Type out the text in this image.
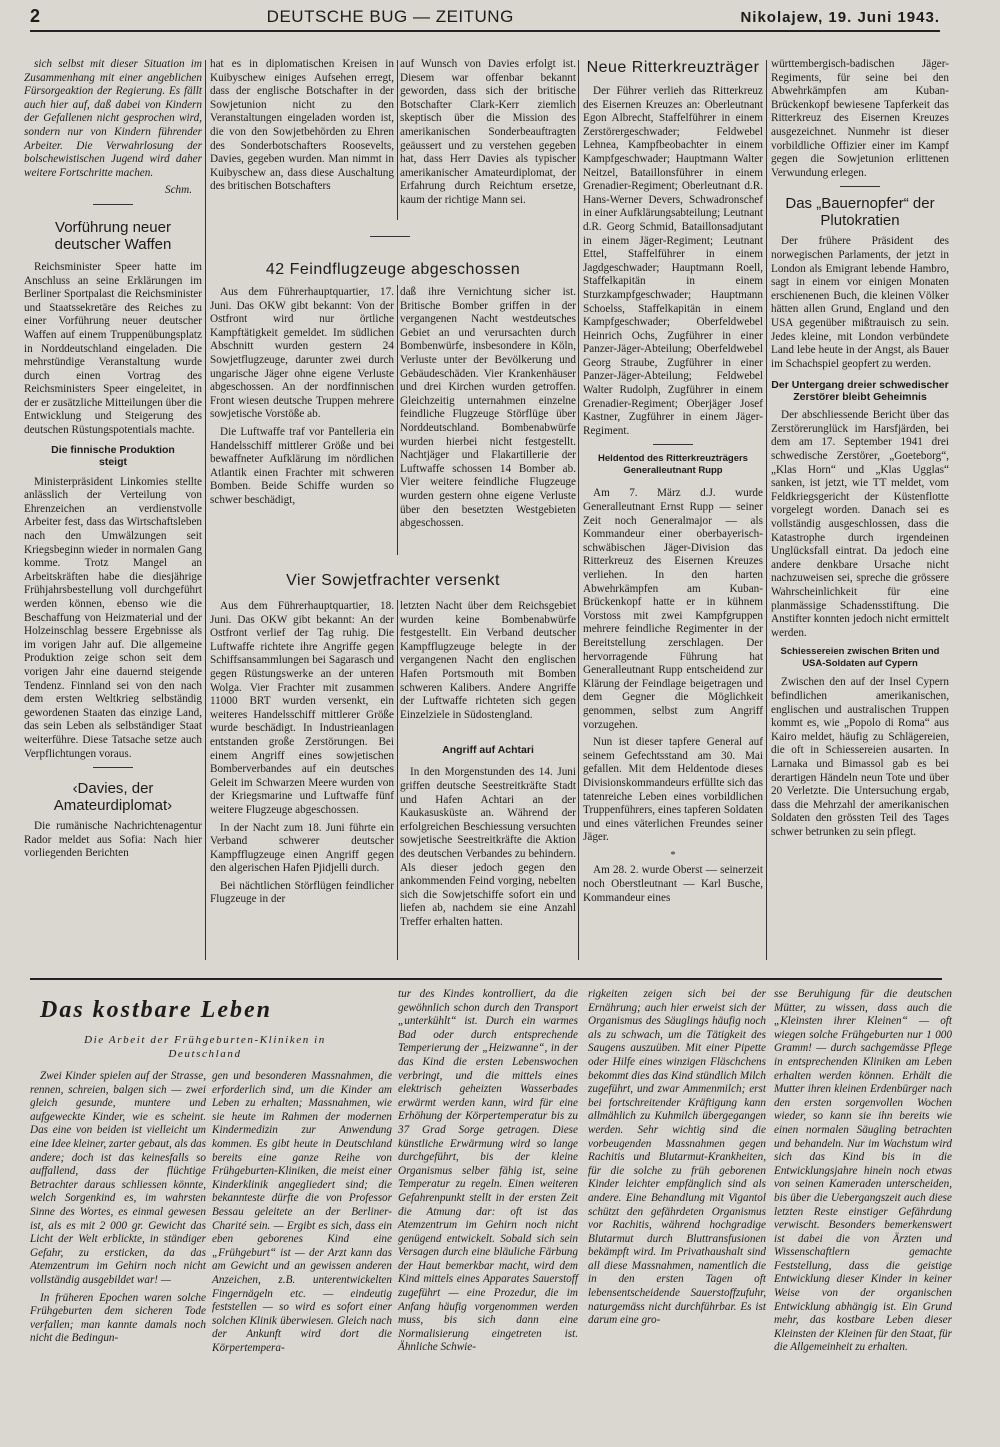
2	DEUTSCHE BUG — ZEITUNG	Nikolajew, 19. Juni 1943.

sich selbst mit dieser Situation im Zusammenhang mit einer angeblichen Fürsorgeaktion der Regierung. Es fällt auch hier auf, daß dabei von Kindern der Gefallenen nicht gesprochen wird, sondern nur von Kindern führender Arbeiter. Die Verwahrlosung der bolschewistischen Jugend wird daher weitere Fortschritte machen.

Schm.
Vorführung neuer deutscher Waffen

Reichsminister Speer hatte im Anschluss an seine Erklärungen im Berliner Sportpalast die Reichsminister und Staatssekretäre des Reiches zu einer Vorführung neuer deutscher Waffen auf einem Truppenübungsplatz in Norddeutschland eingeladen. Die mehrstündige Veranstaltung wurde durch einen Vortrag des Reichsministers Speer eingeleitet, in der er zusätzliche Mitteilungen über die Entwicklung und Steigerung des deutschen Rüstungspotentials machte.

Die finnische Produktion steigt

Ministerpräsident Linkomies stellte anlässlich der Verteilung von Ehrenzeichen an verdienstvolle Arbeiter fest, dass das Wirtschaftsleben nach den Umwälzungen seit Kriegsbeginn wieder in normalen Gang komme. Trotz Mangel an Arbeitskräften habe die diesjährige Frühjahrsbestellung voll durchgeführt werden können, ebenso wie die Beschaffung von Heizmaterial und der Holzeinschlag bessere Ergebnisse als im vorigen Jahr auf. Die allgemeine Produktion zeige schon seit dem vorigen Jahr eine dauernd steigende Tendenz. Finnland sei von den nach dem ersten Weltkrieg selbständig gewordenen Staaten das einzige Land, das sein Leben als selbständiger Staat weiterführe. Diese Tatsache setze auch Verpflichtungen voraus.

‹Davies, der Amateurdiplomat›

Die rumänische Nachrichtenagentur Rador meldet aus Sofia: Nach hier vorliegenden Berichten

hat es in diplomatischen Kreisen in Kuibyschew einiges Aufsehen erregt, dass der englische Botschafter in der Sowjetunion nicht zu den Veranstaltungen eingeladen worden ist, die von den Sowjetbehörden zu Ehren des Sonderbotschafters Roosevelts, Davies, gegeben wurden. Man nimmt in Kuibyschew an, dass diese Auschaltung des britischen Botschafters

auf Wunsch von Davies erfolgt ist. Diesem war offenbar bekannt geworden, dass sich der britische Botschafter Clark-Kerr ziemlich skeptisch über die Mission des amerikanischen Sonderbeauftragten geäussert und zu verstehen gegeben hat, dass Herr Davies als typischer amerikanischer Amateurdiplomat, der Erfahrung durch Reichtum ersetze, kaum der richtige Mann sei.

42 Feindflugzeuge abgeschossen

Aus dem Führerhauptquartier, 17. Juni. Das OKW gibt bekannt: Von der Ostfront wird nur örtliche Kampftätigkeit gemeldet. Im südlichen Abschnitt wurden gestern 24 Sowjetflugzeuge, darunter zwei durch ungarische Jäger ohne eigene Verluste abgeschossen. An der nordfinnischen Front wiesen deutsche Truppen mehrere sowjetische Vorstöße ab.

Die Luftwaffe traf vor Pantelleria ein Handelsschiff mittlerer Größe und bei bewaffneter Aufklärung im nördlichen Atlantik einen Frachter mit schweren Bomben. Beide Schiffe wurden so schwer beschädigt,

daß ihre Vernichtung sicher ist. Britische Bomber griffen in der vergangenen Nacht westdeutsches Gebiet an und verursachten durch Bombenwürfe, insbesondere in Köln, Verluste unter der Bevölkerung und Gebäudeschäden. Vier Krankenhäuser und drei Kirchen wurden getroffen. Gleichzeitig unternahmen einzelne feindliche Flugzeuge Störflüge über Norddeutschland. Bombenabwürfe wurden hierbei nicht festgestellt. Nachtjäger und Flakartillerie der Luftwaffe schossen 14 Bomber ab. Vier weitere feindliche Flugzeuge wurden gestern ohne eigene Verluste über den besetzten Westgebieten abgeschossen.

Vier Sowjetfrachter versenkt

Aus dem Führerhauptquartier, 18. Juni. Das OKW gibt bekannt: An der Ostfront verlief der Tag ruhig. Die Luftwaffe richtete ihre Angriffe gegen Schiffsansammlungen bei Sagarasch und gegen Rüstungswerke an der unteren Wolga. Vier Frachter mit zusammen 11000 BRT wurden versenkt, ein weiteres Handelsschiff mittlerer Größe wurde beschädigt. In Industrieanlagen entstanden große Zerstörungen. Bei einem Angriff eines sowjetischen Bomberverbandes auf ein deutsches Geleit im Schwarzen Meere wurden von der Kriegsmarine und Luftwaffe fünf weitere Flugzeuge abgeschossen.

In der Nacht zum 18. Juni führte ein Verband schwerer deutscher Kampfflugzeuge einen Angriff gegen den algerischen Hafen Pjidjelli durch.

Bei nächtlichen Störflügen feindlicher Flugzeuge in der

letzten Nacht über dem Reichsgebiet wurden keine Bombenabwürfe festgestellt. Ein Verband deutscher Kampfflugzeuge belegte in der vergangenen Nacht den englischen Hafen Portsmouth mit Bomben schweren Kalibers. Andere Angriffe der Luftwaffe richteten sich gegen Einzelziele in Südostengland.

Angriff auf Achtari

In den Morgenstunden des 14. Juni griffen deutsche Seestreitkräfte Stadt und Hafen Achtari an der Kaukasusküste an. Während der erfolgreichen Beschiessung versuchten sowjetische Seestreitkräfte die Aktion des deutschen Verbandes zu behindern. Als dieser jedoch gegen den ankommenden Feind vorging, nebelten sich die Sowjetschiffe sofort ein und liefen ab, nachdem sie eine Anzahl Treffer erhalten hatten.

Neue Ritterkreuzträger

Der Führer verlieh das Ritterkreuz des Eisernen Kreuzes an: Oberleutnant Egon Albrecht, Staffelführer in einem Zerstörergeschwader; Feldwebel Lehnea, Kampfbeobachter in einem Kampfgeschwader; Hauptmann Walter Neitzel, Bataillonsführer in einem Grenadier-Regiment; Oberleutnant d.R. Hans-Werner Devers, Schwadronschef in einer Aufklärungsabteilung; Leutnant d.R. Georg Schmid, Bataillonsadjutant in einem Jäger-Regiment; Leutnant Ettel, Staffelführer in einem Jagdgeschwader; Hauptmann Roell, Staffelkapitän in einem Sturzkampfgeschwader; Hauptmann Schoelss, Staffelkapitän in einem Kampfgeschwader; Oberfeldwebel Heinrich Ochs, Zugführer in einer Panzer-Jäger-Abteilung; Oberfeldwebel Georg Straube, Zugführer in einer Panzer-Jäger-Abteilung; Feldwebel Walter Rudolph, Zugführer in einem Grenadier-Regiment; Oberjäger Josef Kastner, Zugführer in einem Jäger-Regiment.

Heldentod des Ritterkreuzträgers Generalleutnant Rupp

Am 7. März d.J. wurde Generalleutnant Ernst Rupp — seiner Zeit noch Generalmajor — als Kommandeur einer oberbayerisch-schwäbischen Jäger-Division das Ritterkreuz des Eisernen Kreuzes verliehen. In den harten Abwehrkämpfen am Kuban-Brückenkopf hatte er in kühnem Vorstoss mit zwei Kampfgruppen mehrere feindliche Regimenter in der Bereitstellung zerschlagen. Der hervorragende Führung hat Generalleutnant Rupp entscheidend zur Klärung der Feindlage beigetragen und dem Gegner die Möglichkeit genommen, selbst zum Angriff vorzugehen.

Nun ist dieser tapfere General auf seinem Gefechtsstand am 30. Mai gefallen. Mit dem Heldentode dieses Divisionskommandeurs erfüllte sich das tatenreiche Leben eines vorbildlichen Truppenführers, eines tapferen Soldaten und eines väterlichen Freundes seiner Jäger.

*

Am 28. 2. wurde Oberst — seinerzeit noch Oberstleutnant — Karl Busche, Kommandeur eines

württembergisch-badischen Jäger-Regiments, für seine bei den Abwehrkämpfen am Kuban-Brückenkopf bewiesene Tapferkeit das Ritterkreuz des Eisernen Kreuzes ausgezeichnet. Nunmehr ist dieser vorbildliche Offizier einer im Kampf gegen die Sowjetunion erlittenen Verwundung erlegen.

Das „Bauernopfer“ der Plutokratien

Der frühere Präsident des norwegischen Parlaments, der jetzt in London als Emigrant lebende Hambro, sagt in einem vor einigen Monaten erschienenen Buch, die kleinen Völker hätten allen Grund, England und den USA gegenüber mißtrauisch zu sein. Jedes kleine, mit London verbündete Land lebe heute in der Angst, als Bauer im Schachspiel geopfert zu werden.

Der Untergang dreier schwedischer Zerstörer bleibt Geheimnis

Der abschliessende Bericht über das Zerstörerunglück im Harsfjärden, bei dem am 17. September 1941 drei schwedische Zerstörer, „Goeteborg“, „Klas Horn“ und „Klas Ugglas“ sanken, ist jetzt, wie TT meldet, vom Feldkriegsgericht der Küstenflotte vorgelegt worden. Danach sei es vollständig ausgeschlossen, dass die Katastrophe durch irgendeinen Unglücksfall eintrat. Da jedoch eine andere denkbare Ursache nicht nachzuweisen sei, spreche die grössere Wahrscheinlichkeit für eine planmässige Schadensstiftung. Die Anstifter konnten jedoch nicht ermittelt werden.

Schiessereien zwischen Briten und USA-Soldaten auf Cypern

Zwischen den auf der Insel Cypern befindlichen amerikanischen, englischen und australischen Truppen kommt es, wie „Popolo di Roma“ aus Kairo meldet, häufig zu Schlägereien, die oft in Schiessereien ausarten. In Larnaka und Bimassol gab es bei derartigen Händeln neun Tote und über 20 Verletzte. Die Untersuchung ergab, dass die Mehrzahl der amerikanischen Soldaten den grössten Teil des Tages schwer betrunken zu sein pflegt.

Das kostbare Leben
Die Arbeit der Frühgeburten-Kliniken in Deutschland

Zwei Kinder spielen auf der Strasse, rennen, schreien, balgen sich — zwei gleich gesunde, muntere und aufgeweckte Kinder, wie es scheint. Das eine von beiden ist vielleicht um eine Idee kleiner, zarter gebaut, als das andere; doch ist das keinesfalls so auffallend, dass der flüchtige Betrachter daraus schliessen könnte, welch Sorgenkind es, im wahrsten Sinne des Wortes, es einmal gewesen ist, als es mit 2 000 gr. Gewicht das Licht der Welt erblickte, in ständiger Gefahr, zu ersticken, da das Atemzentrum im Gehirn noch nicht vollständig ausgebildet war! —

In früheren Epochen waren solche Frühgeburten dem sicheren Tode verfallen; man kannte damals noch nicht die Bedingun-

gen und besonderen Massnahmen, die erforderlich sind, um die Kinder am Leben zu erhalten; Massnahmen, wie sie heute im Rahmen der modernen Kindermedizin zur Anwendung kommen. Es gibt heute in Deutschland bereits eine ganze Reihe von Frühgeburten-Kliniken, die meist einer Kinderklinik angegliedert sind; die bekannteste dürfte die von Professor Bessau geleitete an der Berliner-Charité sein. — Ergibt es sich, dass ein eben geborenes Kind eine „Frühgeburt“ ist — der Arzt kann das am Gewicht und an gewissen anderen Anzeichen, z.B. unterentwickelten Fingernägeln etc. — eindeutig feststellen — so wird es sofort einer solchen Klinik überwiesen. Gleich nach der Ankunft wird dort die Körpertempera-

tur des Kindes kontrolliert, da die gewöhnlich schon durch den Transport „unterkühlt“ ist. Durch ein warmes Bad oder durch entsprechende Temperierung der „Heizwanne“, in der das Kind die ersten Lebenswochen verbringt, und die mittels eines elektrisch geheizten Wasserbades erwärmt werden kann, wird für eine Erhöhung der Körpertemperatur bis zu 37 Grad Sorge getragen. Diese künstliche Erwärmung wird so lange durchgeführt, bis der kleine Organismus selber fähig ist, seine Temperatur zu regeln. Einen weiteren Gefahrenpunkt stellt in der ersten Zeit die Atmung dar: oft ist das Atemzentrum im Gehirn noch nicht genügend entwickelt. Sobald sich sein Versagen durch eine bläuliche Färbung der Haut bemerkbar macht, wird dem Kind mittels eines Apparates Sauerstoff zugeführt — eine Prozedur, die im Anfang häufig vorgenommen werden muss, bis sich dann eine Normalisierung eingetreten ist. Ähnliche Schwie-

rigkeiten zeigen sich bei der Ernährung; auch hier erweist sich der Organismus des Säuglings häufig noch als zu schwach, um die Tätigkeit des Saugens auszuüben. Mit einer Pipette oder Hilfe eines winzigen Fläschchens bekommt dies das Kind stündlich Milch zugeführt, und zwar Ammenmilch; erst bei fortschreitender Kräftigung kann allmählich zu Kuhmilch übergegangen werden. Sehr wichtig sind die vorbeugenden Massnahmen gegen Rachitis und Blutarmut-Krankheiten, für die solche zu früh geborenen Kinder leichter empfänglich sind als andere. Eine Behandlung mit Vigantol schützt den gefährdeten Organismus vor Rachitis, während hochgradige Blutarmut durch Bluttransfusionen bekämpft wird. Im Privathaushalt sind all diese Massnahmen, namentlich die in den ersten Tagen oft lebensentscheidende Sauerstoffzufuhr, naturgemäss nicht durchführbar. Es ist darum eine gro-

sse Beruhigung für die deutschen Mütter, zu wissen, dass auch die „Kleinsten ihrer Kleinen“ — oft wiegen solche Frühgeburten nur 1 000 Gramm! — durch sachgemässe Pflege in entsprechenden Kliniken am Leben erhalten werden können. Erhält die Mutter ihren kleinen Erdenbürger nach den ersten sorgenvollen Wochen wieder, so kann sie ihn bereits wie einen normalen Säugling betrachten und behandeln. Nur im Wachstum wird sich das Kind bis in die Entwicklungsjahre hinein noch etwas von seinen Kameraden unterscheiden, bis über die Uebergangszeit auch diese letzten Reste einstiger Gefährdung verwischt. Besonders bemerkenswert ist dabei die von Ärzten und Wissenschaftlern gemachte Feststellung, dass die geistige Entwicklung dieser Kinder in keiner Weise von der organischen Entwicklung abhängig ist. Ein Grund mehr, das kostbare Leben dieser Kleinsten der Kleinen für den Staat, für die Allgemeinheit zu erhalten.
